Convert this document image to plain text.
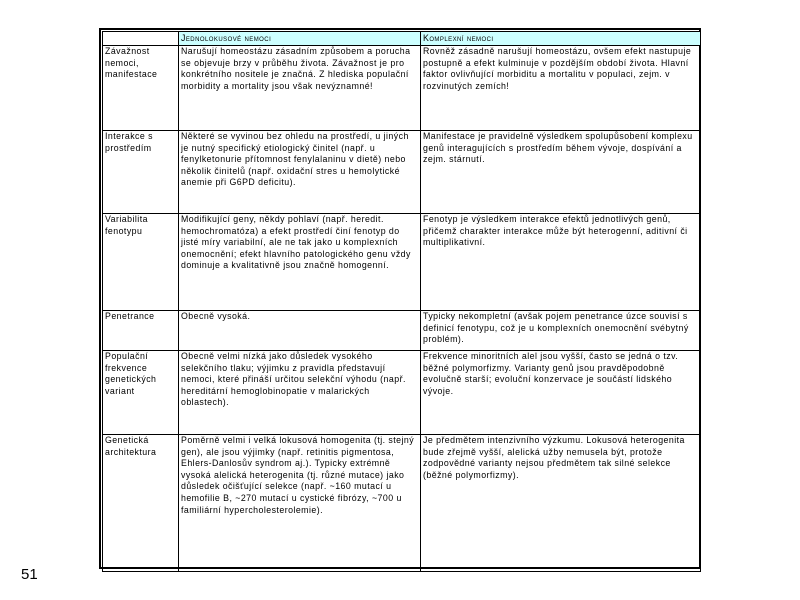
	Jednolokusové nemoci	Komplexní nemoci
Závažnost nemoci, manifestace	Narušují homeostázu zásadním způsobem a porucha se objevuje brzy v průběhu života. Závažnost je pro konkrétního nositele je značná. Z hlediska populační morbidity a mortality jsou však nevýznamné!	Rovněž zásadně narušují homeostázu, ovšem efekt nastupuje postupně a efekt kulminuje v pozdějším období života. Hlavní faktor ovlivňující morbiditu a mortalitu v populaci, zejm. v rozvinutých zemích!
Interakce s prostředím	Některé se vyvinou bez ohledu na prostředí, u jiných je nutný specifický etiologický činitel (např. u fenylketonurie přítomnost fenylalaninu v dietě) nebo několik činitelů (např. oxidační stres u hemolytické anemie při G6PD deficitu).	Manifestace je pravidelně výsledkem spolupůsobení komplexu genů interagujících s prostředím během vývoje, dospívání a zejm. stárnutí.
Variabilita fenotypu	Modifikující geny, někdy pohlaví (např. heredit. hemochromatóza) a efekt prostředí činí fenotyp do jisté míry variabilní, ale ne tak jako u komplexních onemocnění; efekt hlavního patologického genu vždy dominuje a kvalitativně jsou značně homogenní.	Fenotyp je výsledkem interakce efektů jednotlivých genů, přičemž charakter interakce může být heterogenní, aditivní či multiplikativní.
Penetrance	Obecně vysoká.	Typicky nekompletní (avšak pojem penetrance úzce souvisí s definicí fenotypu, což je u komplexních onemocnění svébytný problém).
Populační frekvence genetických variant	Obecně velmi nízká jako důsledek vysokého selekčního tlaku; výjimku z pravidla představují nemoci, které přináší určitou selekční výhodu (např. hereditární hemoglobinopatie v malarických oblastech).	Frekvence minoritních alel jsou vyšší, často se jedná o tzv. běžné polymorfizmy. Varianty genů jsou pravděpodobně evolučně starší; evoluční konzervace je součástí lidského vývoje.
Genetická architektura	Poměrně velmi i velká lokusová homogenita (tj. stejný gen), ale jsou výjimky (např. retinitis pigmentosa, Ehlers-Danlosův syndrom aj.). Typicky extrémně vysoká alelická heterogenita (tj. různé mutace) jako důsledek očišťující selekce (např. ~160 mutací u hemofilie B, ~270 mutací u cystické fibrózy, ~700 u familiární hypercholesterolemie).	Je předmětem intenzivního výzkumu. Lokusová heterogenita bude zřejmě vyšší, alelická užby nemusela být, protože zodpovědné varianty nejsou předmětem tak silné selekce (běžné polymorfizmy).
51
